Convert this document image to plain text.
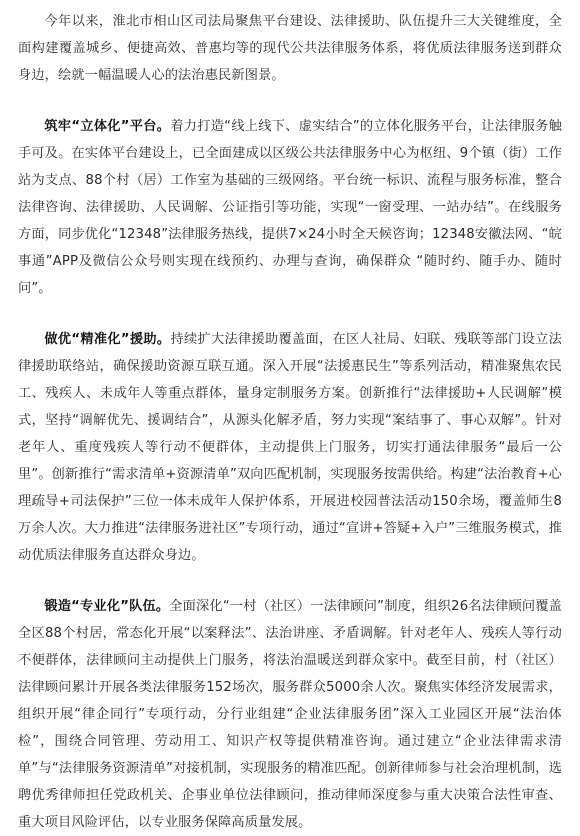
今年以来，淮北市相山区司法局聚焦平台建设、法律援助、队伍提升三大关键维度，全面构建覆盖城乡、便捷高效、普惠均等的现代公共法律服务体系，将优质法律服务送到群众身边，绘就一幅温暖人心的法治惠民新图景。

筑牢“立体化”平台。着力打造“线上线下、虚实结合”的立体化服务平台，让法律服务触手可及。在实体平台建设上，已全面建成以区级公共法律服务中心为枢纽、9个镇（街）工作站为支点、88个村（居）工作室为基础的三级网络。平台统一标识、流程与服务标准，整合法律咨询、法律援助、人民调解、公证指引等功能，实现“一窗受理、一站办结”。在线服务方面，同步优化“12348”法律服务热线，提供7×24小时全天候咨询；12348安徽法网、“皖事通”APP及微信公众号则实现在线预约、办理与查询，确保群众 “随时约、随手办、随时问”。

做优“精准化”援助。持续扩大法律援助覆盖面，在区人社局、妇联、残联等部门设立法律援助联络站，确保援助资源互联互通。深入开展“法援惠民生”等系列活动，精准聚焦农民工、残疾人、未成年人等重点群体，量身定制服务方案。创新推行“法律援助+人民调解”模式，坚持“调解优先、援调结合”，从源头化解矛盾，努力实现“案结事了、事心双解”。针对老年人、重度残疾人等行动不便群体，主动提供上门服务，切实打通法律服务“最后一公里”。创新推行“需求清单+资源清单”双向匹配机制，实现服务按需供给。构建“法治教育+心理疏导+司法保护”三位一体未成年人保护体系，开展进校园普法活动150余场，覆盖师生8万余人次。大力推进“法律服务进社区”专项行动，通过“宣讲+答疑+入户”三维服务模式，推动优质法律服务直达群众身边。

锻造“专业化”队伍。全面深化“一村（社区）一法律顾问”制度，组织26名法律顾问覆盖全区88个村居，常态化开展“以案释法”、法治讲座、矛盾调解。针对老年人、残疾人等行动不便群体，法律顾问主动提供上门服务，将法治温暖送到群众家中。截至目前，村（社区）法律顾问累计开展各类法律服务152场次，服务群众5000余人次。聚焦实体经济发展需求，组织开展“律企同行”专项行动，分行业组建“企业法律服务团”深入工业园区开展“法治体检”，围绕合同管理、劳动用工、知识产权等提供精准咨询。通过建立“企业法律需求清单”与“法律服务资源清单”对接机制，实现服务的精准匹配。创新律师参与社会治理机制，选聘优秀律师担任党政机关、企事业单位法律顾问，推动律师深度参与重大决策合法性审查、重大项目风险评估，以专业服务保障高质量发展。
